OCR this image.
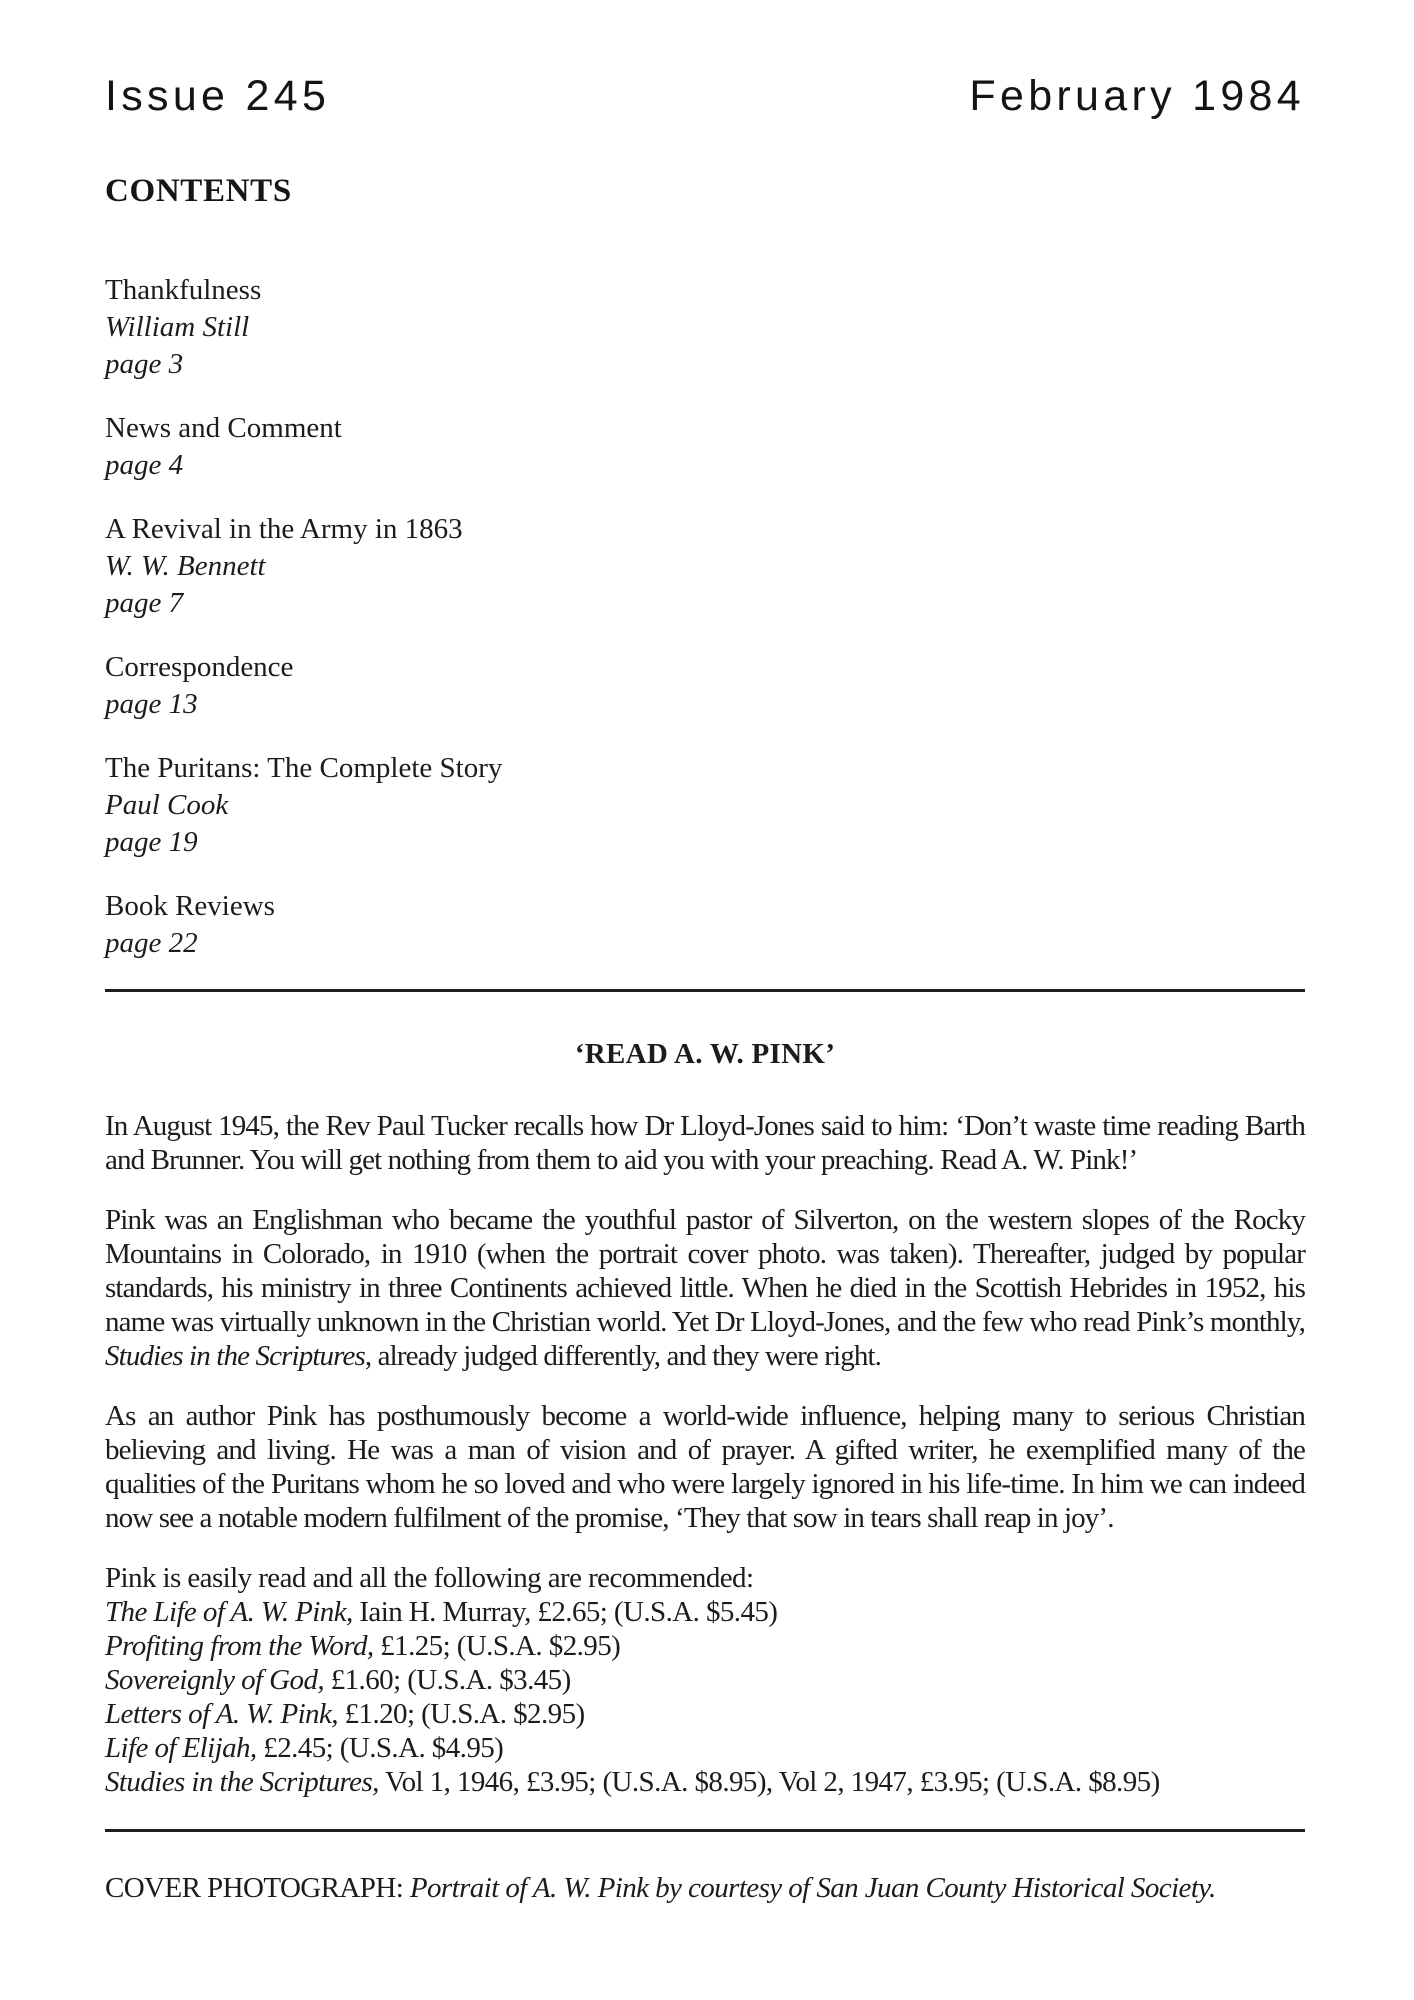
Issue 245	February 1984
CONTENTS
Thankfulness
William Still
page 3
News and Comment
page 4
A Revival in the Army in 1863
W. W. Bennett
page 7
Correspondence
page 13
The Puritans: The Complete Story
Paul Cook
page 19
Book Reviews
page 22
‘READ A. W. PINK’

In August 1945, the Rev Paul Tucker recalls how Dr Lloyd-Jones said to him: ‘Don’t waste time reading Barth and Brunner. You will get nothing from them to aid you with your preaching. Read A. W. Pink!’

Pink was an Englishman who became the youthful pastor of Silverton, on the western slopes of the Rocky Mountains in Colorado, in 1910 (when the portrait cover photo. was taken). Thereafter, judged by popular standards, his ministry in three Continents achieved little. When he died in the Scottish Hebrides in 1952, his name was virtually unknown in the Christian world. Yet Dr Lloyd-Jones, and the few who read Pink’s monthly, Studies in the Scriptures, already judged differently, and they were right.

As an author Pink has posthumously become a world-wide influence, helping many to serious Christian believing and living. He was a man of vision and of prayer. A gifted writer, he exemplified many of the qualities of the Puritans whom he so loved and who were largely ignored in his life-time. In him we can indeed now see a notable modern fulfilment of the promise, ‘They that sow in tears shall reap in joy’.

Pink is easily read and all the following are recommended:
The Life of A. W. Pink, Iain H. Murray, £2.65; (U.S.A. $5.45)
Profiting from the Word, £1.25; (U.S.A. $2.95)
Sovereignly of God, £1.60; (U.S.A. $3.45)
Letters of A. W. Pink, £1.20; (U.S.A. $2.95)
Life of Elijah, £2.45; (U.S.A. $4.95)
Studies in the Scriptures, Vol 1, 1946, £3.95; (U.S.A. $8.95), Vol 2, 1947, £3.95; (U.S.A. $8.95)
COVER PHOTOGRAPH: Portrait of A. W. Pink by courtesy of San Juan County Historical Society.
